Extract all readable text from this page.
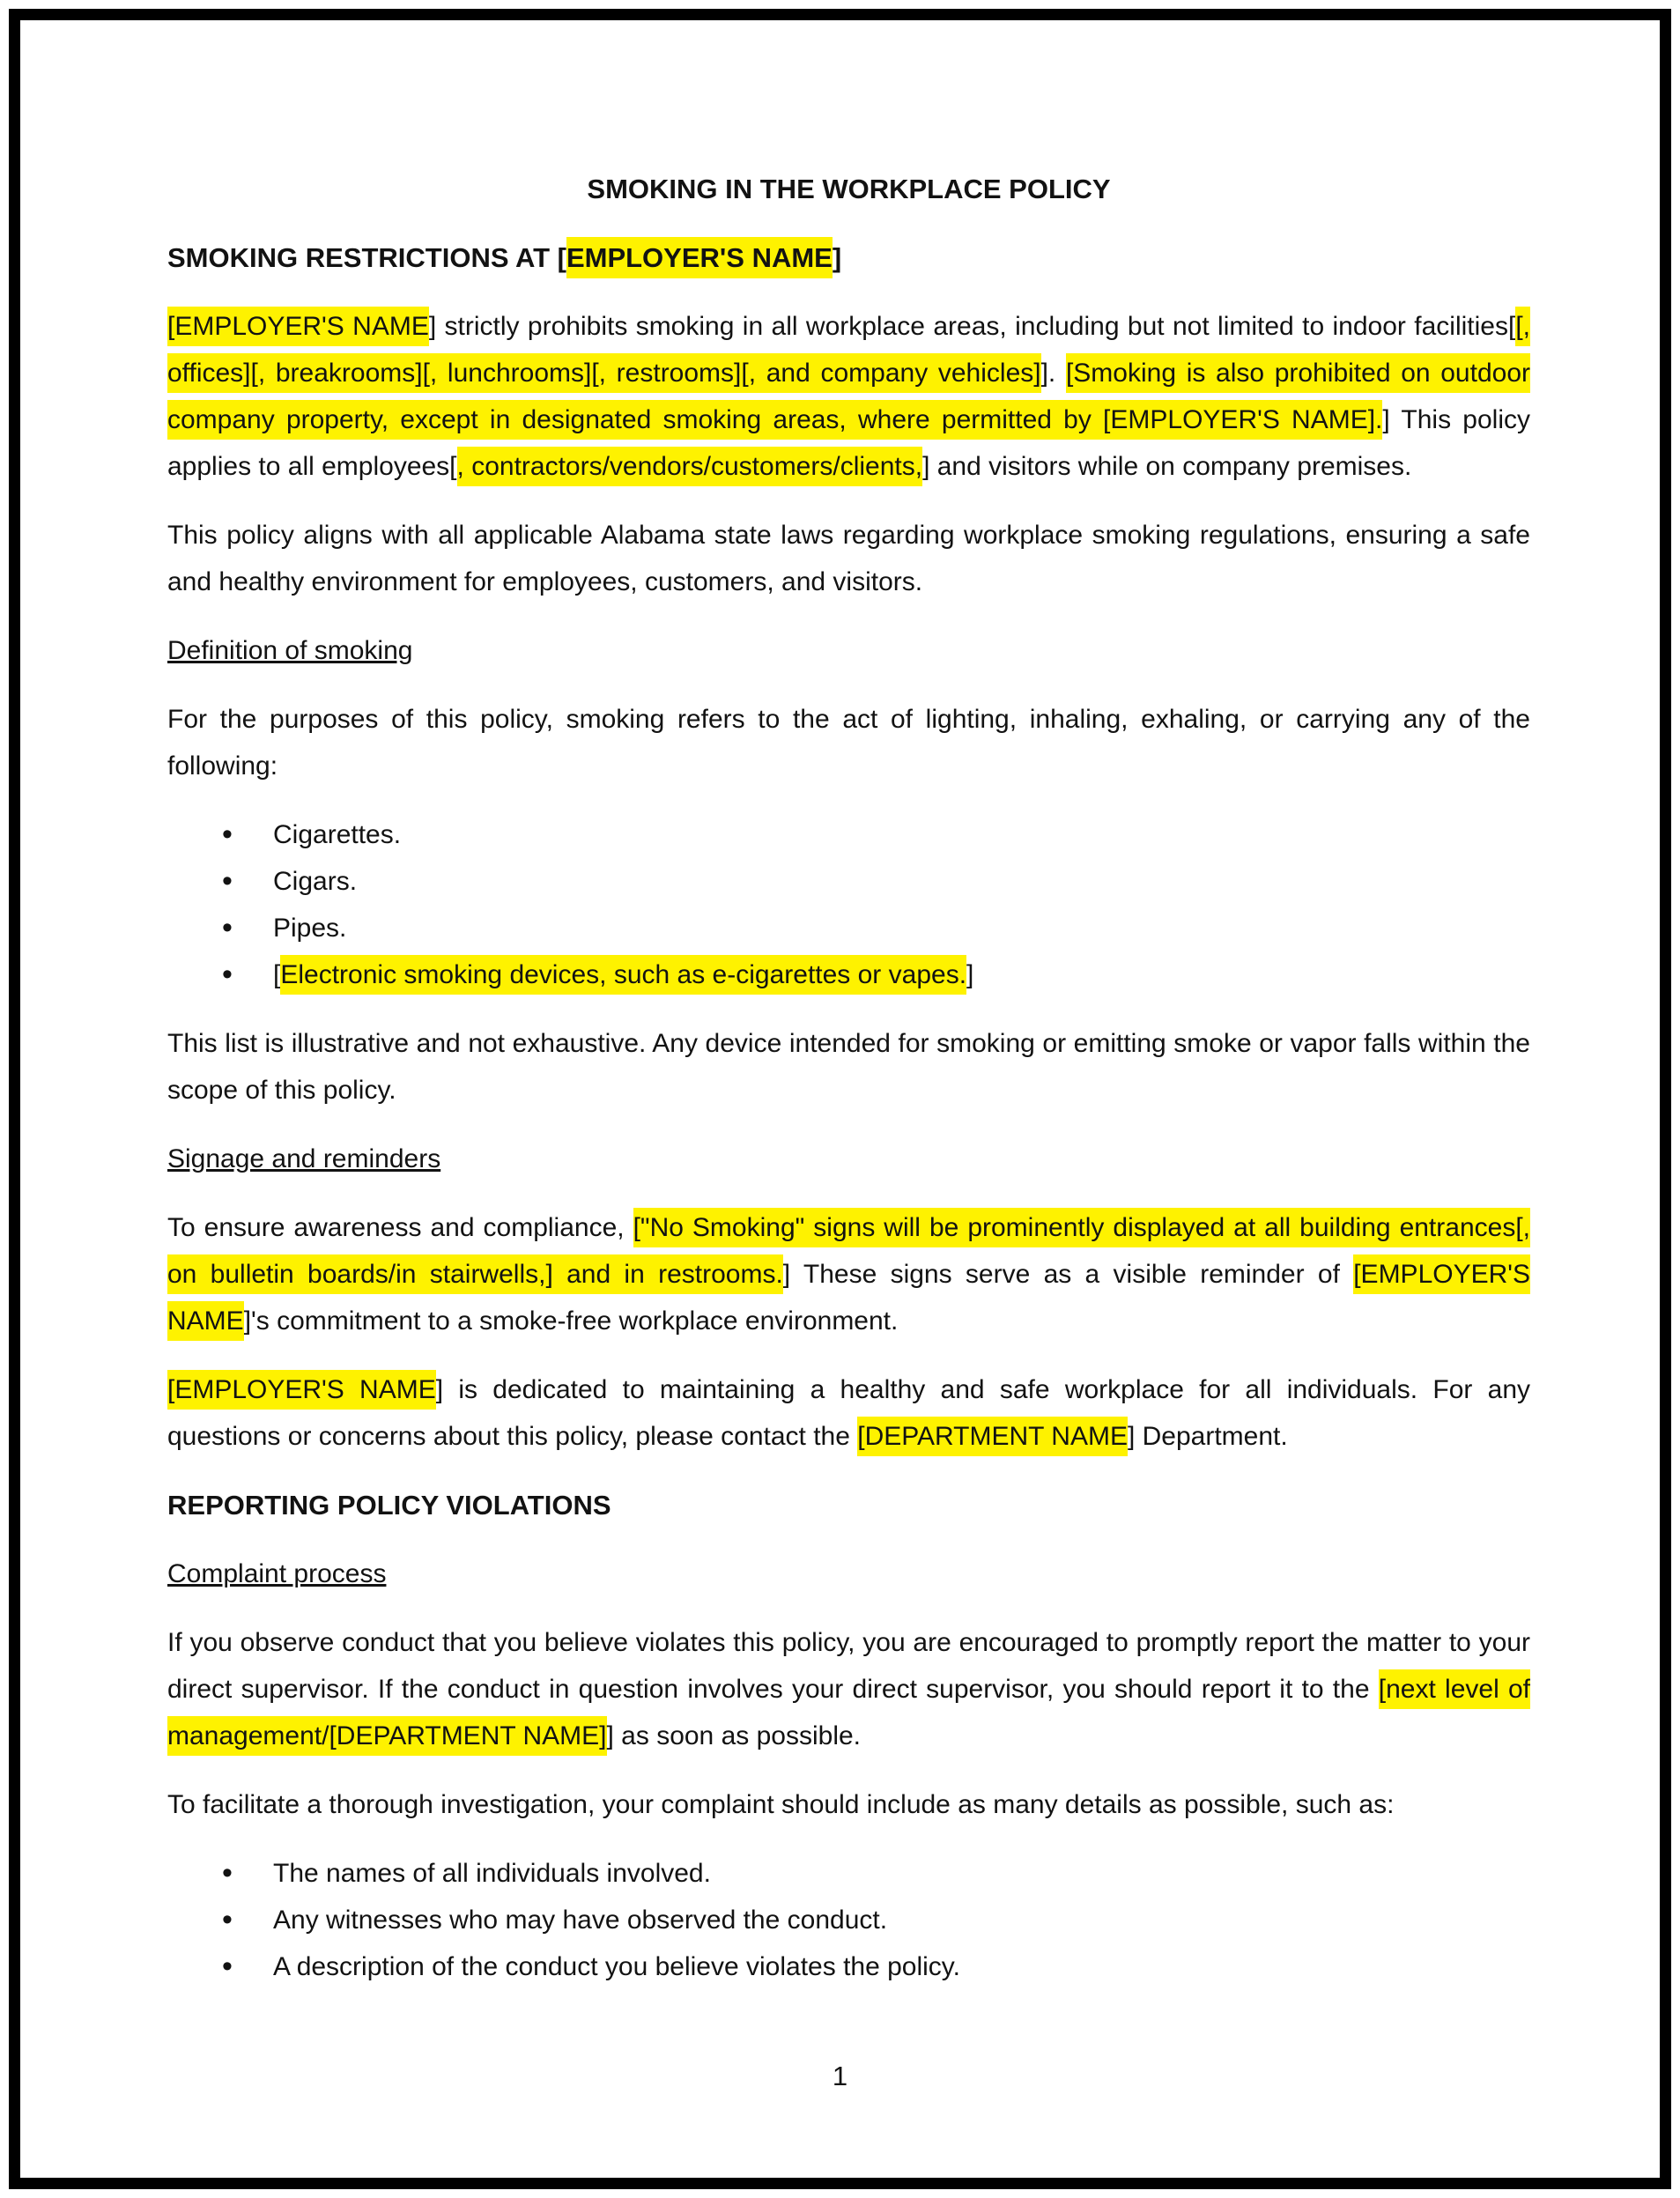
SMOKING IN THE WORKPLACE POLICY

SMOKING RESTRICTIONS AT [EMPLOYER'S NAME]

[EMPLOYER'S NAME] strictly prohibits smoking in all workplace areas, including but not limited to indoor facilities[[, offices][, breakrooms][, lunchrooms][, restrooms][, and company vehicles]]. [Smoking is also prohibited on outdoor company property, except in designated smoking areas, where permitted by [EMPLOYER'S NAME].] This policy applies to all employees[, contractors/vendors/customers/clients,] and visitors while on company premises.

This policy aligns with all applicable Alabama state laws regarding workplace smoking regulations, ensuring a safe and healthy environment for employees, customers, and visitors.

Definition of smoking

For the purposes of this policy, smoking refers to the act of lighting, inhaling, exhaling, or carrying any of the following:

• Cigarettes.
• Cigars.
• Pipes.
• [Electronic smoking devices, such as e-cigarettes or vapes.]

This list is illustrative and not exhaustive. Any device intended for smoking or emitting smoke or vapor falls within the scope of this policy.

Signage and reminders

To ensure awareness and compliance, ["No Smoking" signs will be prominently displayed at all building entrances[, on bulletin boards/in stairwells,] and in restrooms.] These signs serve as a visible reminder of [EMPLOYER'S NAME]'s commitment to a smoke-free workplace environment.

[EMPLOYER'S NAME] is dedicated to maintaining a healthy and safe workplace for all individuals. For any questions or concerns about this policy, please contact the [DEPARTMENT NAME] Department.

REPORTING POLICY VIOLATIONS

Complaint process

If you observe conduct that you believe violates this policy, you are encouraged to promptly report the matter to your direct supervisor. If the conduct in question involves your direct supervisor, you should report it to the [next level of management/[DEPARTMENT NAME]] as soon as possible.

To facilitate a thorough investigation, your complaint should include as many details as possible, such as:

• The names of all individuals involved.
• Any witnesses who may have observed the conduct.
• A description of the conduct you believe violates the policy.
1
